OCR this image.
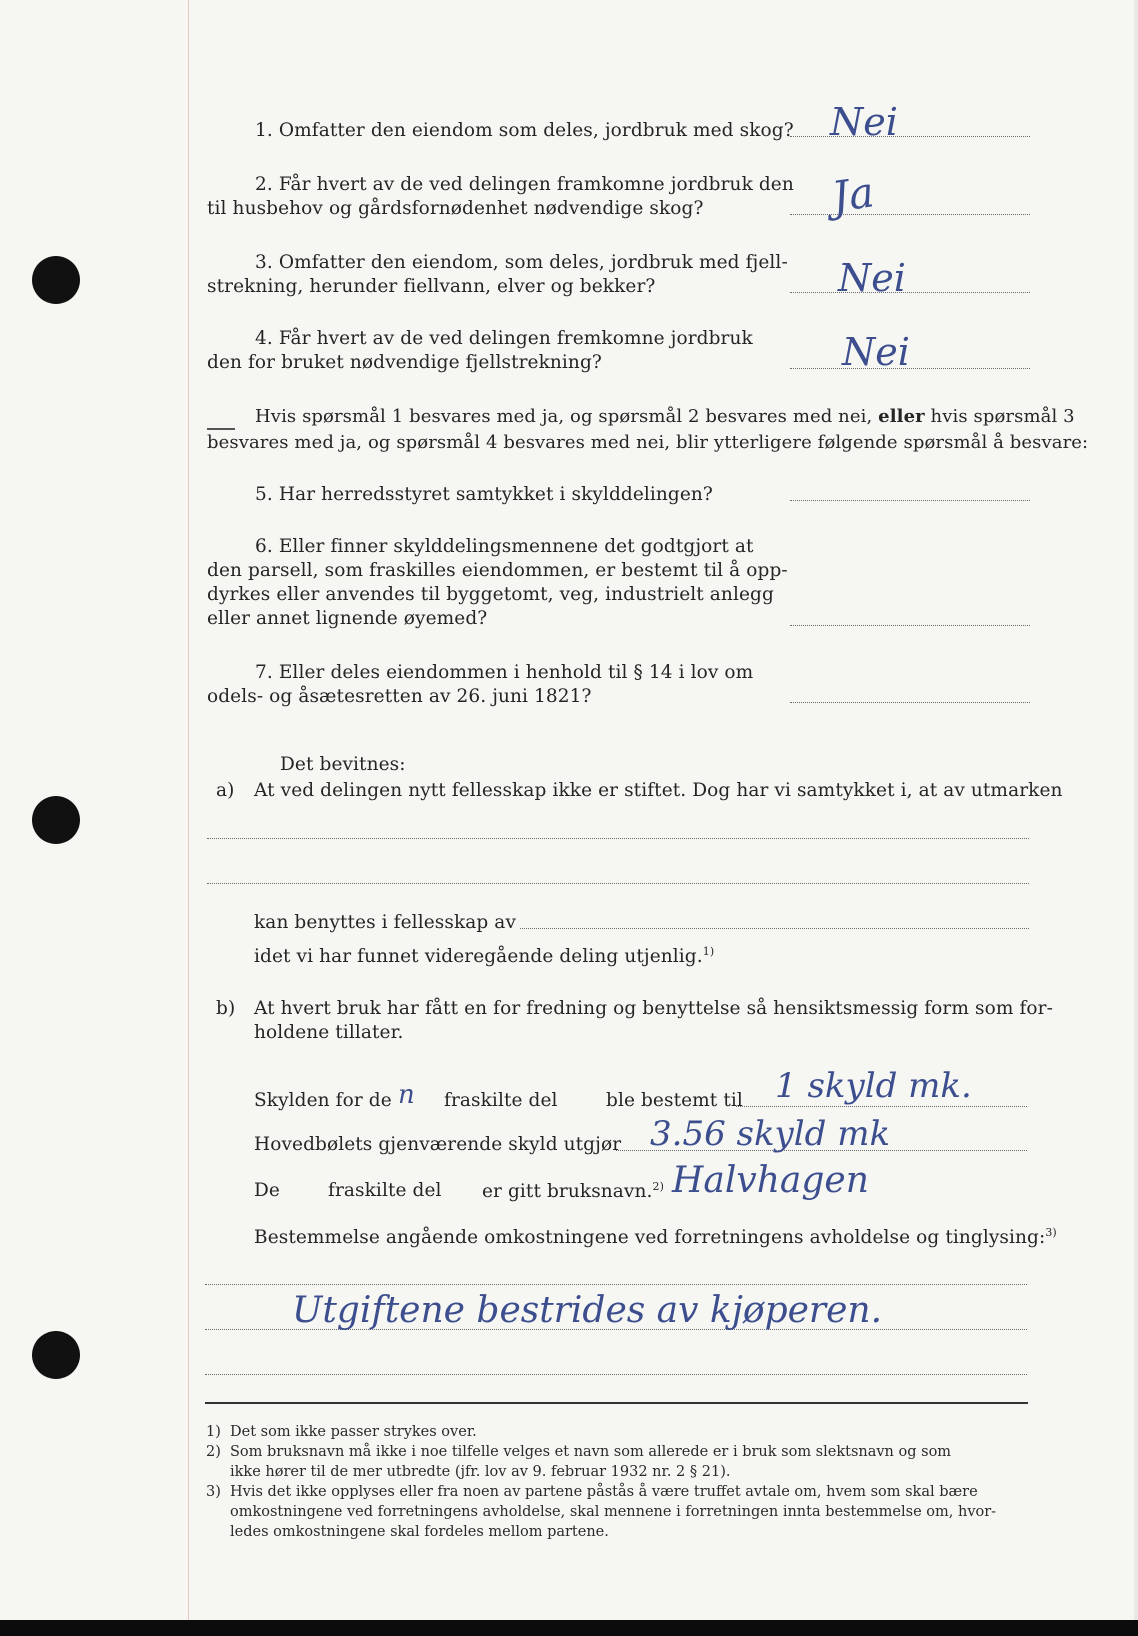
1. Omfatter den eiendom som deles, jordbruk med skog? Nei
2. Får hvert av de ved delingen framkomne jordbruk den
til husbehov og gårdsfornødenhet nødvendige skog?	Ja
3. Omfatter den eiendom, som deles, jordbruk med fjell-
strekning, herunder fiellvann, elver og bekker?	Nei
4. Får hvert av de ved delingen fremkomne jordbruk
den for bruket nødvendige fjellstrekning?	Nei
Hvis spørsmål 1 besvares med ja, og spørsmål 2 besvares med nei, eller hvis spørsmål 3
besvares med ja, og spørsmål 4 besvares med nei, blir ytterligere følgende spørsmål å besvare:
5. Har herredsstyret samtykket i skylddelingen?
6. Eller finner skylddelingsmennene det godtgjort at
den parsell, som fraskilles eiendommen, er bestemt til å opp-
dyrkes eller anvendes til byggetomt, veg, industrielt anlegg
eller annet lignende øyemed?
7. Eller deles eiendommen i henhold til § 14 i lov om
odels- og åsætesretten av 26. juni 1821?
Det bevitnes:
a) At ved delingen nytt fellesskap ikke er stiftet. Dog har vi samtykket i, at av utmarken
kan benyttes i fellesskap av
idet vi har funnet videregående deling utjenlig.$^{1)}$
b) At hvert bruk har fått en for fredning og benyttelse så hensiktsmessig form som for-
holdene tillater.
Skylden for de n fraskilte del	ble bestemt til 1 skyld mk.
Hovedbølets gjenværende skyld utgjør 3.56 skyld mk
De	fraskilte del er gitt bruksnavn.$^{2)}$ Halvhagen
Bestemmelse angående omkostningene ved forretningens avholdelse og tinglysing:$^{3)}$
Utgiftene bestrides av kjøperen.
1) Det som ikke passer strykes over.
2) Som bruksnavn må ikke i noe tilfelle velges et navn som allerede er i bruk som slektsnavn og som
ikke hører til de mer utbredte (jfr. lov av 9. februar 1932 nr. 2 § 21).
3) Hvis det ikke opplyses eller fra noen av partene påstås å være truffet avtale om, hvem som skal bære
omkostningene ved forretningens avholdelse, skal mennene i forretningen innta bestemmelse om, hvor-
ledes omkostningene skal fordeles mellom partene.
